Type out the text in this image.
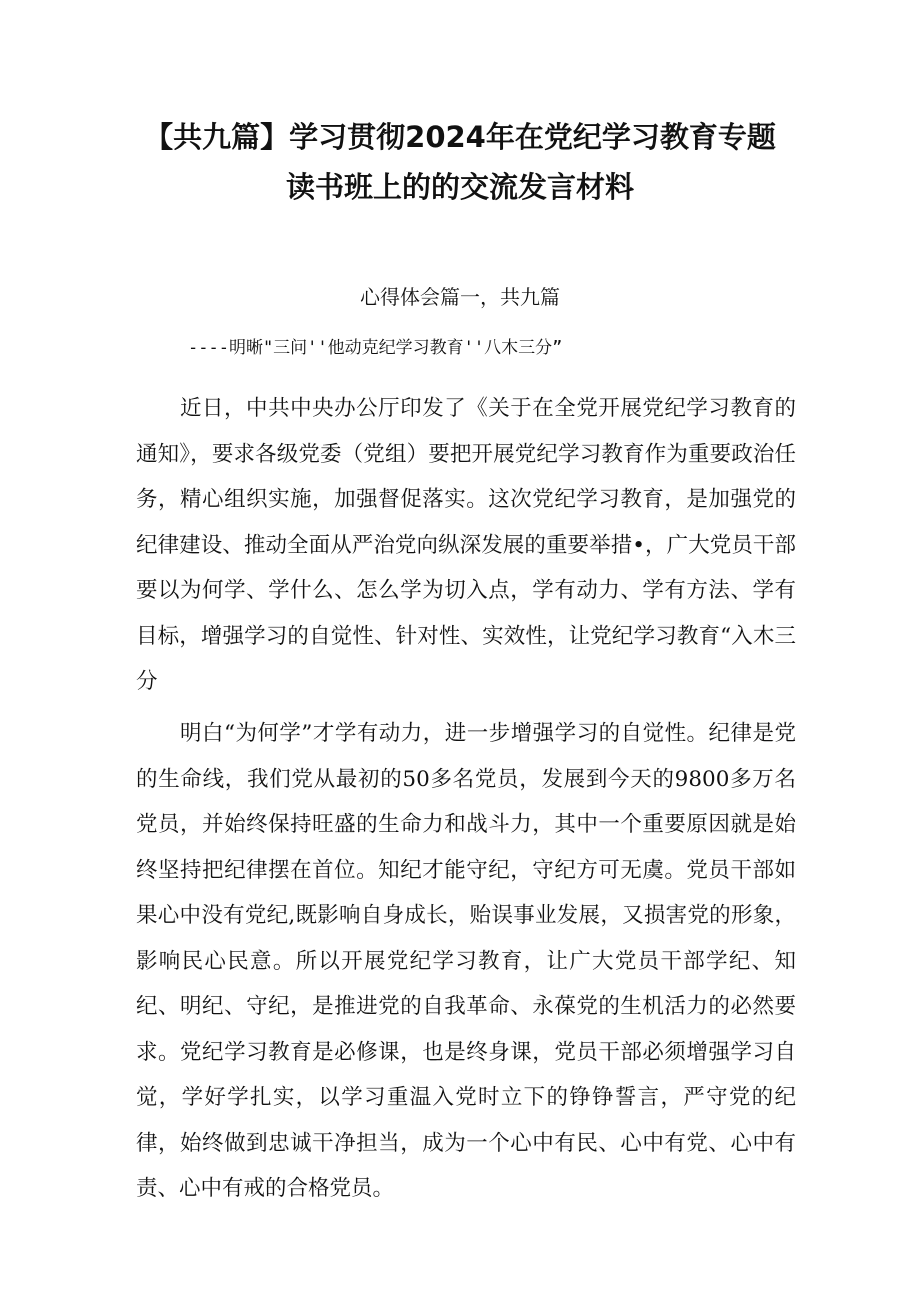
【共九篇】学习贯彻2024年在党纪学习教育专题
读书班上的的交流发言材料
心得体会篇一，共九篇
----明晰"三问''他动克纪学习教育''八木三分”

近日，中共中央办公厅印发了《关于在全党开展党纪学习教育的通知》，要求各级党委（党组）要把开展党纪学习教育作为重要政治任务，精心组织实施，加强督促落实。这次党纪学习教育，是加强党的纪律建设、推动全面从严治党向纵深发展的重要举措•，广大党员干部要以为何学、学什么、怎么学为切入点，学有动力、学有方法、学有目标，增强学习的自觉性、针对性、实效性，让党纪学习教育“入木三分

明白“为何学”才学有动力，进一步增强学习的自觉性。纪律是党的生命线，我们党从最初的50多名党员，发展到今天的9800多万名党员，并始终保持旺盛的生命力和战斗力，其中一个重要原因就是始终坚持把纪律摆在首位。知纪才能守纪，守纪方可无虞。党员干部如果心中没有党纪,既影响自身成长，贻误事业发展，又损害党的形象，影响民心民意。所以开展党纪学习教育，让广大党员干部学纪、知纪、明纪、守纪，是推进党的自我革命、永葆党的生机活力的必然要求。党纪学习教育是必修课，也是终身课，党员干部必须增强学习自觉，学好学扎实，以学习重温入党时立下的铮铮誓言，严守党的纪律，始终做到忠诚干净担当，成为一个心中有民、心中有党、心中有责、心中有戒的合格党员。
